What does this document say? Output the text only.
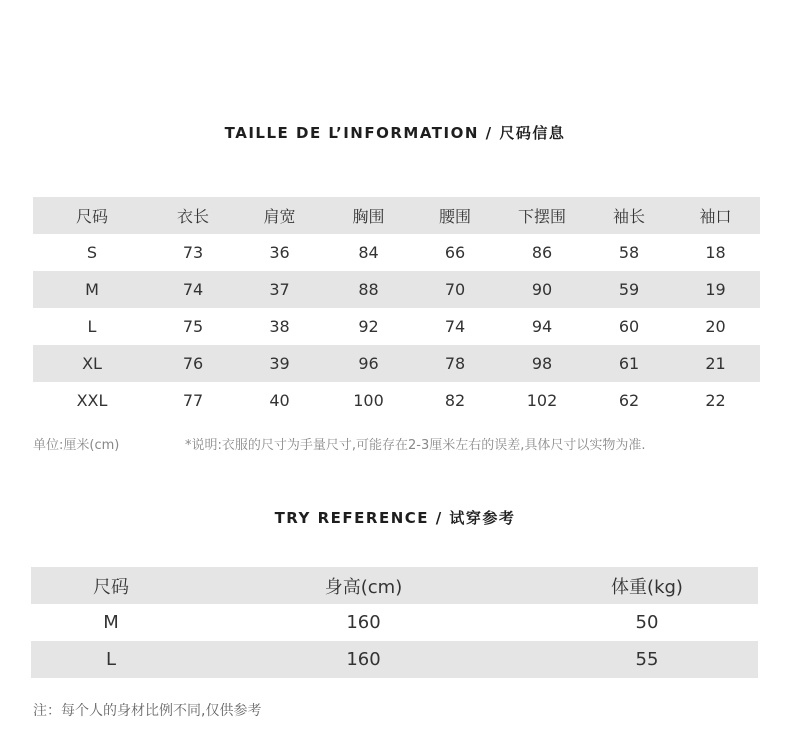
TAILLE DE L’INFORMATION / 尺码信息
尺码	衣长	肩宽	胸围	腰围	下摆围	袖长	袖口
S	73	36	84	66	86	58	18
M	74	37	88	70	90	59	19
L	75	38	92	74	94	60	20
XL	76	39	96	78	98	61	21
XXL	77	40	100	82	102	62	22
单位:厘米(cm)	*说明:衣服的尺寸为手量尺寸,可能存在2-3厘米左右的误差,具体尺寸以实物为准.
TRY REFERENCE / 试穿参考
尺码	身高(cm)	体重(kg)
M	160	50
L	160	55
注：每个人的身材比例不同,仅供参考
